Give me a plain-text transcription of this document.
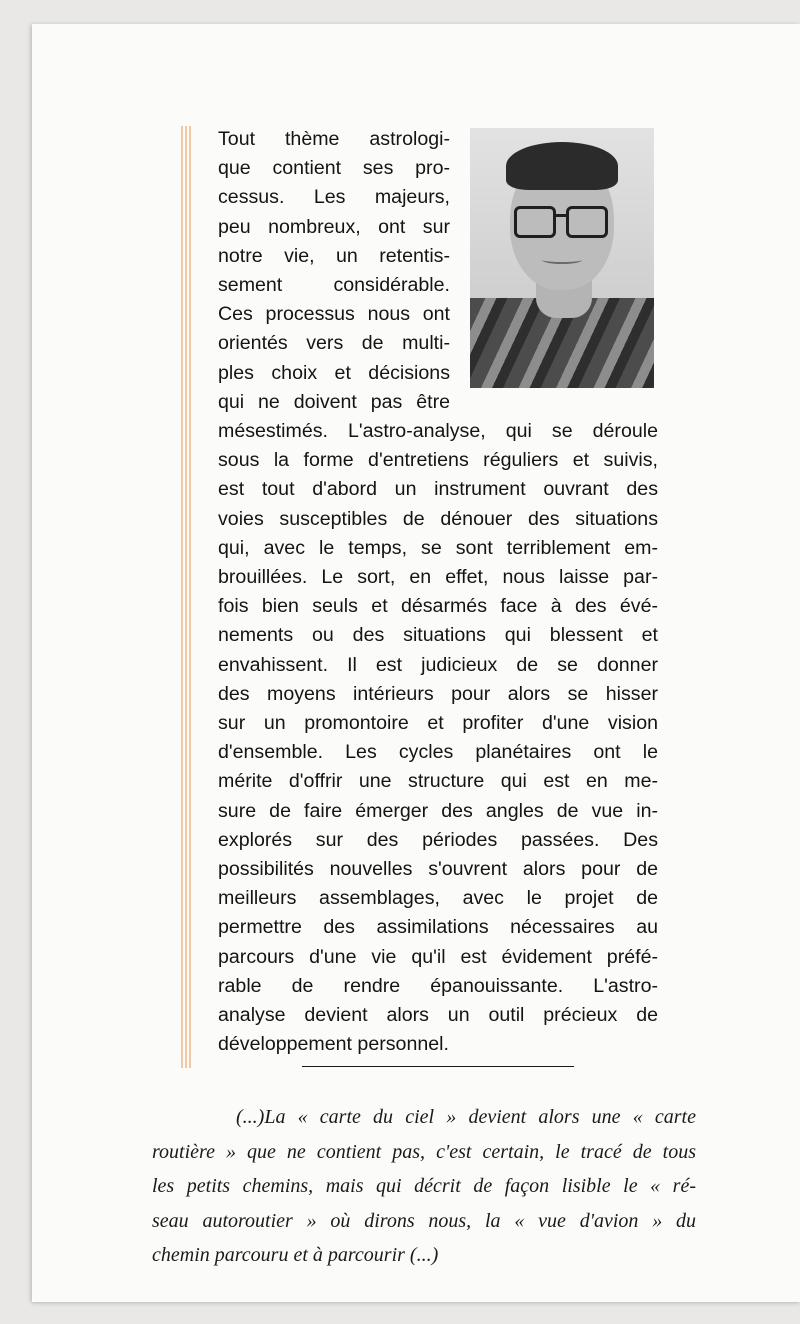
Tout thème astrologi-
que contient ses pro-
cessus. Les majeurs,
peu nombreux, ont sur
notre vie, un retentis-
sement considérable.
Ces processus nous ont
orientés vers de multi-
ples choix et décisions
qui ne doivent pas être
mésestimés. L'astro-analyse, qui se déroule
sous la forme d'entretiens réguliers et suivis,
est tout d'abord un instrument ouvrant des
voies susceptibles de dénouer des situations
qui, avec le temps, se sont terriblement em-
brouillées. Le sort, en effet, nous laisse par-
fois bien seuls et désarmés face à des évé-
nements ou des situations qui blessent et
envahissent. Il est judicieux de se donner
des moyens intérieurs pour alors se hisser
sur un promontoire et profiter d'une vision
d'ensemble. Les cycles planétaires ont le
mérite d'offrir une structure qui est en me-
sure de faire émerger des angles de vue in-
explorés sur des périodes passées. Des
possibilités nouvelles s'ouvrent alors pour de
meilleurs assemblages, avec le projet de
permettre des assimilations nécessaires au
parcours d'une vie qu'il est évidement préfé-
rable de rendre épanouissante. L'astro-
analyse devient alors un outil précieux de
développement personnel.
(...)La « carte du ciel » devient alors une « carte
routière » que ne contient pas, c'est certain, le tracé de tous
les petits chemins, mais qui décrit de façon lisible le « ré-
seau autoroutier » où dirons nous, la « vue d'avion » du
chemin parcouru et à parcourir (...)
